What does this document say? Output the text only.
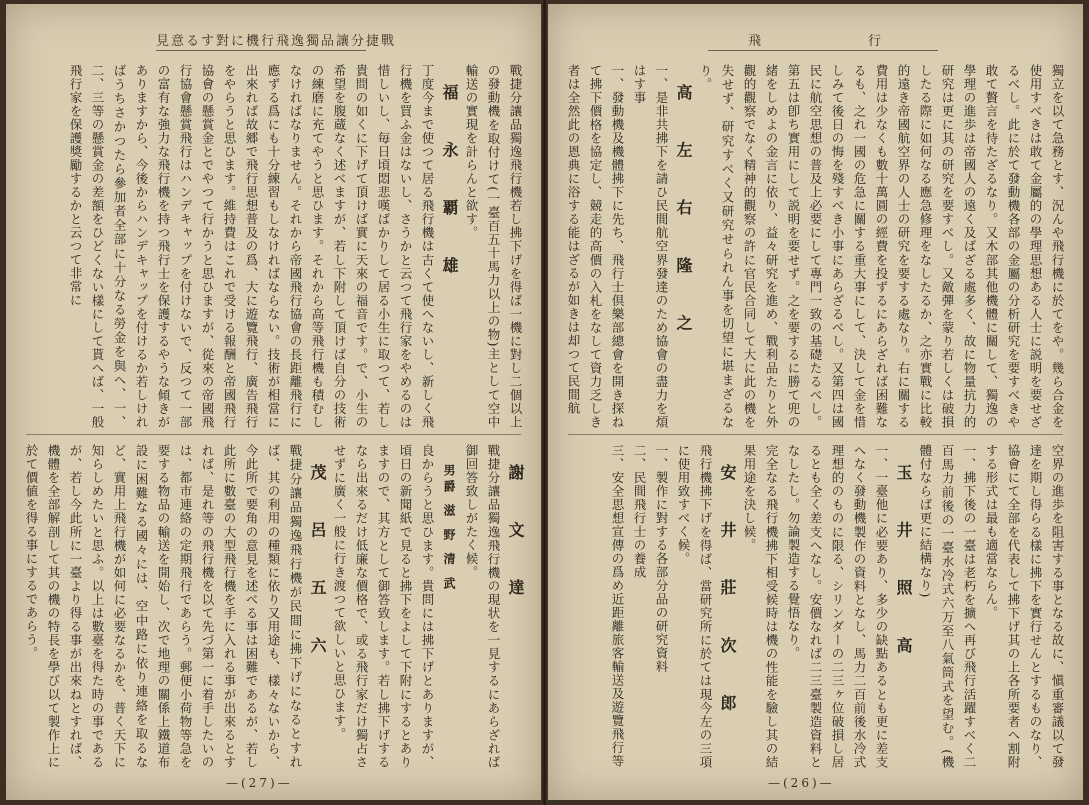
見意るす對に機行飛逸獨品讓分捷戰

戰捷分讓品獨逸飛行機若し拂下げを得ば一機に對し二個以上の發動機を取付けて(一臺百五十馬力以上の物)主として空中輸送の實現を計らんと欲す。

福 永 覇 雄

丁度今まで使つて居る飛行機は古くて使へないし、新しく飛行機を買ふ金はないし、さうかと云つて飛行家をやめるのは惜しいし、毎日頃悶悲嘆ばかりして居る小生に取つて、若し貴問の如くに下げて頂けば實に天來の福音です。で、小生の希望を腹蔵なく述べますが、若し下附して頂けば自分の技術の練磨に充てやうと思ひます。それから高等飛行機も積むしなければなりません。それから帝國飛行協會の長距離飛行に應ずる爲にも十分練習もしなければならない。技術が相當に出來れば故郷で飛行思想普及の爲、大に遊覽飛行、廣告飛行をやらうと思ひます。維持費はこれで受ける報酬と帝國飛行協會の懸賞金とでやつて行かうと思ひますが、從來の帝國飛行協會懸賞飛行はハンデキャップを付けないで、反つて一部の富有な強力な飛行機を持つ飛行士を保護するやうな傾きがありますから、今後からハンデキャップを付けるか若しければうちさかつたら參加者全部に十分なる勞金を與へ、一、二、三等の懸賞金の差額をひどくない樣にして貰へば、一般飛行家を保護獎勵するかと云つて非常に

謝 文 達

戰捷分讓品獨逸飛行機の現状を一見するにあらざれば御回答致しがたく候。

男爵 滋 野 清 武

良からうと思ひます。貴問には拂下げとありますが、頃日の新聞紙で見ると拂下をよして下附にするとありますので、其方として御答致します。若し拂下げするなら出來るだけ低廉な價格で、或る飛行家だけ獨占させずに廣く一般に行き渡つて欲しいと思ひます。

茂 呂 五 六

戰捷分讓品獨逸飛行機が民間に拂下げになるとすれば、其の利用の種類に依り又用途も、樣々ないから、今此所で要角の意見を述べる事は困難であるが、若し此所に數臺の大型飛行機を手に入れる事が出來るとすれば、是れ等の飛行機を以て先づ第一に着手したいのは、都市連絡の定期飛行であらう。郵便小荷物等急を要する物品の輸送を開始し、次で地理の關係上鐵道布設に困難なる國々には、空中路に依り連絡を取るなど、實用上飛行機が如何に必要なるかを、普く天下に知らしめたいと思ふ。以上は數臺を得た時の事であるが、若し今此所に一臺より得る事が出來ねとすれば、機體を全部解剖して其の機の特長を學び以て製作上に於て價値を得る事にするであらう。

—(27)—
飛　　　　　　　行

獨立を以て急務とす、況んや飛行機に於てをや。幾ら合金を使用すべきは敢て金屬的の學理思想ある人士に説明を要せざるべし。此に於て發動機各部の金屬の分析研究を要すべきや敢て贅言を待たざるなり。又木部其他機體に關して、獨逸の學理の進歩は帝國人の遠く及ばざる處多く、故に物量抗力的研究は更に其の研究を要すべし。又敵彈を蒙り若しくは破損したる際に如何なる應急修理をなしたるか、之亦實戰に比較的遠き帝國航空界の人士の研究を要する處なり。右に關する費用は少なくも數十萬圓の經費を投ずるにあらざれば困難なるも、之れ一國の危急に關する重大事にして、決して金を惜しみて後日の悔を殘すべき小事にあらざるべし。又第四は國民に航空思想の普及上必要にして專門一致の基礎たるべし。第五は卽ち實用にして説明を要せず。之を要するに勝て兜の緒をしめよの金言に依り、益々研究を進め、戰利品たりと外觀的觀察でなく精神的觀察の許に官民合同して大に此の機を失せず、研究すべく又研究せられん事を切望に堪まざるなり。

高 左 右 隆 之

一、是非共拂下を請ひ民間航空界發達のため協會の盡力を煩はす事

一、發動機及機體拂下に先ち、飛行士倶樂部總會を開き探ねて拂下價格を協定し、競走的高價の入札をなして資力乏しき者は全然此の恩典に浴する能はざるが如きは却つて民間航

空界の進歩を阻害する事となる故に、愼重審議以て發達を期し得らる樣に拂下を實行せんとするものなり、協會にて全部を代表して拂下げ其の上各所要者へ割附する形式は最も適當ならん。

一、拂下後の一臺は老朽を擴へ再び飛行活躍すべく二百馬力前後の一臺水冷式六万至八氣筒式を望む。(機體付ならば更に結構なり)

玉 井 照 高

一、一臺他に必要あり、多少の缺點あるとも更に差支へなく發動機製作の資料となし、馬力二百前後水冷式理想的のものに限る、シリンダーの二三ヶ位破損し居るとも全く差支へなし。安價なれば二三臺製造資料となしたし。勿論製造する覺悟なり。

完全なる飛行機拂下相受候時は機の性能を驗し其の結果用途を決し候。

安 井 莊 次 郎

飛行機拂下げを得ば、當研究所に於ては現今左の三項に使用致すべく候。

一、製作に對する各部分品の研究資料

二、民間飛行士の養成

三、安全思想宣傳の爲め近距離旅客輸送及遊覽飛行等

—(26)—
